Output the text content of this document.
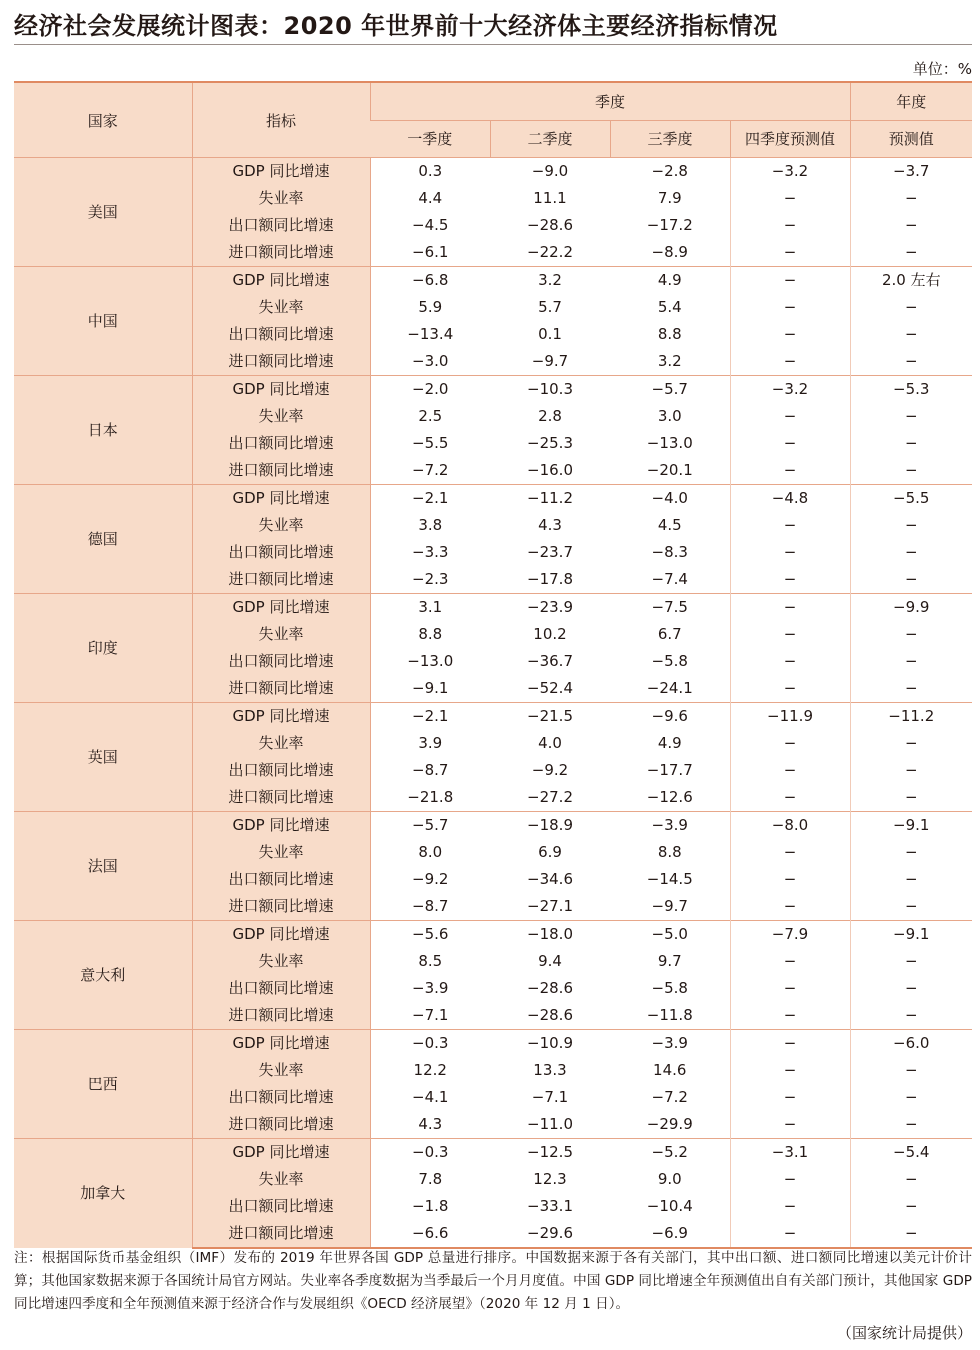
经济社会发展统计图表：2020 年世界前十大经济体主要经济指标情况
单位：%
国家	指标	季度				年度
		一季度	二季度	三季度	四季度预测值	预测值
美国	GDP 同比增速	0.3	−9.0	−2.8	−3.2	−3.7
	失业率	4.4	11.1	7.9	−	−
	出口额同比增速	−4.5	−28.6	−17.2	−	−
	进口额同比增速	−6.1	−22.2	−8.9	−	−
中国	GDP 同比增速	−6.8	3.2	4.9	−	2.0 左右
	失业率	5.9	5.7	5.4	−	−
	出口额同比增速	−13.4	0.1	8.8	−	−
	进口额同比增速	−3.0	−9.7	3.2	−	−
日本	GDP 同比增速	−2.0	−10.3	−5.7	−3.2	−5.3
	失业率	2.5	2.8	3.0	−	−
	出口额同比增速	−5.5	−25.3	−13.0	−	−
	进口额同比增速	−7.2	−16.0	−20.1	−	−
德国	GDP 同比增速	−2.1	−11.2	−4.0	−4.8	−5.5
	失业率	3.8	4.3	4.5	−	−
	出口额同比增速	−3.3	−23.7	−8.3	−	−
	进口额同比增速	−2.3	−17.8	−7.4	−	−
印度	GDP 同比增速	3.1	−23.9	−7.5	−	−9.9
	失业率	8.8	10.2	6.7	−	−
	出口额同比增速	−13.0	−36.7	−5.8	−	−
	进口额同比增速	−9.1	−52.4	−24.1	−	−
英国	GDP 同比增速	−2.1	−21.5	−9.6	−11.9	−11.2
	失业率	3.9	4.0	4.9	−	−
	出口额同比增速	−8.7	−9.2	−17.7	−	−
	进口额同比增速	−21.8	−27.2	−12.6	−	−
法国	GDP 同比增速	−5.7	−18.9	−3.9	−8.0	−9.1
	失业率	8.0	6.9	8.8	−	−
	出口额同比增速	−9.2	−34.6	−14.5	−	−
	进口额同比增速	−8.7	−27.1	−9.7	−	−
意大利	GDP 同比增速	−5.6	−18.0	−5.0	−7.9	−9.1
	失业率	8.5	9.4	9.7	−	−
	出口额同比增速	−3.9	−28.6	−5.8	−	−
	进口额同比增速	−7.1	−28.6	−11.8	−	−
巴西	GDP 同比增速	−0.3	−10.9	−3.9	−	−6.0
	失业率	12.2	13.3	14.6	−	−
	出口额同比增速	−4.1	−7.1	−7.2	−	−
	进口额同比增速	4.3	−11.0	−29.9	−	−
加拿大	GDP 同比增速	−0.3	−12.5	−5.2	−3.1	−5.4
	失业率	7.8	12.3	9.0	−	−
	出口额同比增速	−1.8	−33.1	−10.4	−	−
	进口额同比增速	−6.6	−29.6	−6.9	−	−
注：根据国际货币基金组织（IMF）发布的 2019 年世界各国 GDP 总量进行排序。中国数据来源于各有关部门，其中出口额、进口额同比增速以美元计价计算；其他国家数据来源于各国统计局官方网站。失业率各季度数据为当季最后一个月月度值。中国 GDP 同比增速全年预测值出自有关部门预计，其他国家 GDP 同比增速四季度和全年预测值来源于经济合作与发展组织《OECD 经济展望》（2020 年 12 月 1 日）。
（国家统计局提供）
